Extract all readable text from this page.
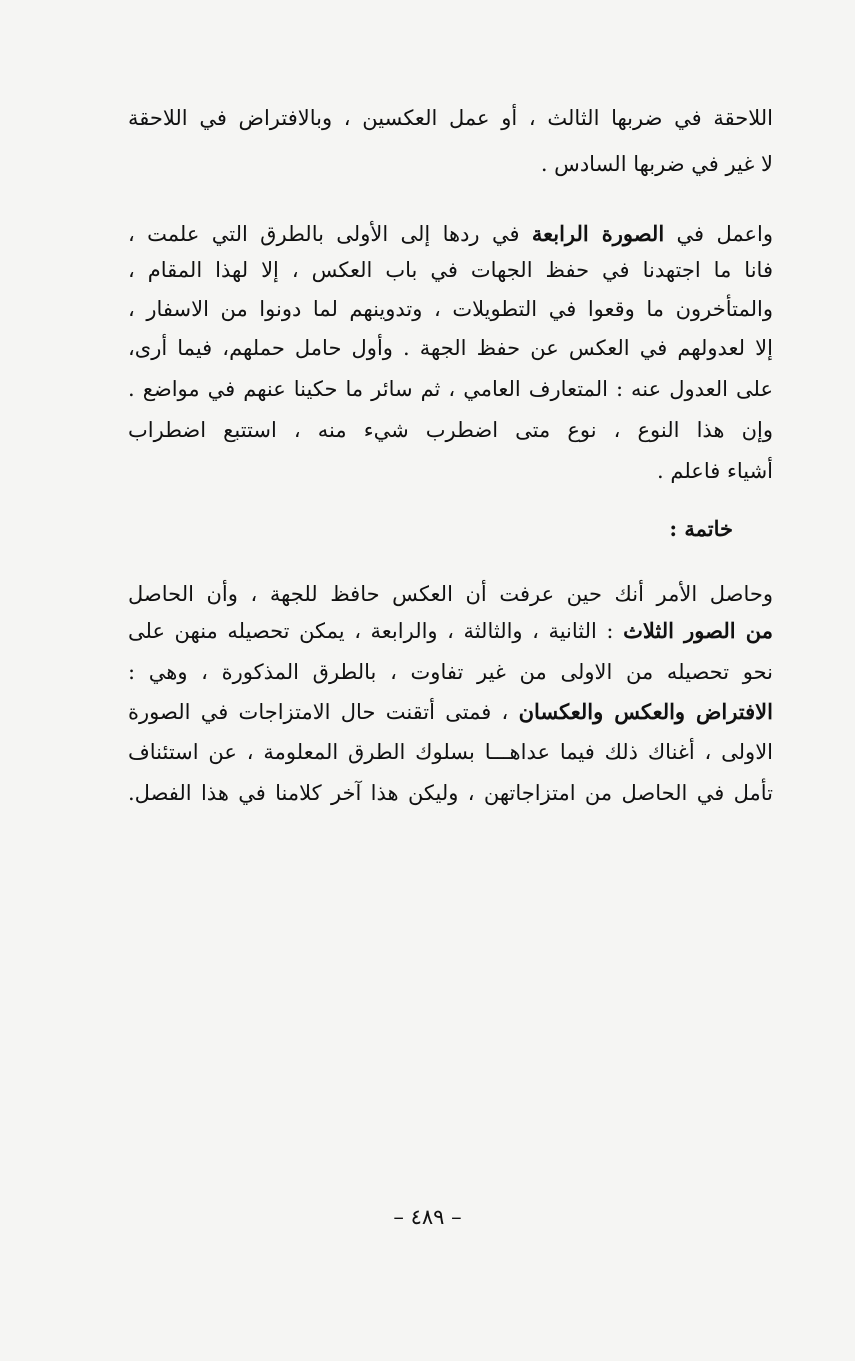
اللاحقة في ضربها الثالث ، أو عمل العكسين ، وبالافتراض في اللاحقة
لا غير في ضربها السادس .
واعمل في الصورة الرابعة في ردها إلى الأولى بالطرق التي علمت ،
فانا ما اجتهدنا في حفظ الجهات في باب العكس ، إلا لهذا المقام ،
والمتأخرون ما وقعوا في التطويلات ، وتدوينهم لما دونوا من الاسفار ،
إلا لعدولهم في العكس عن حفظ الجهة . وأول حامل حملهم، فيما أرى،
على العدول عنه : المتعارف العامي ، ثم سائر ما حكينا عنهم في مواضع .
وإن هذا النوع ، نوع متى اضطرب شيء منه ، استتبع اضطراب
أشياء فاعلم .
خاتمة :
وحاصل الأمر أنك حين عرفت أن العكس حافظ للجهة ، وأن الحاصل
من الصور الثلاث : الثانية ، والثالثة ، والرابعة ، يمكن تحصيله منهن على
نحو تحصيله من الاولى من غير تفاوت ، بالطرق المذكورة ، وهي :
الافتراض والعكس والعكسان ، فمتى أتقنت حال الامتزاجات في الصورة
الاولى ، أغناك ذلك فيما عداهـــا بسلوك الطرق المعلومة ، عن استئناف
تأمل في الحاصل من امتزاجاتهن ، وليكن هذا آخر كلامنا في هذا الفصل.
– ٤٨٩ –
